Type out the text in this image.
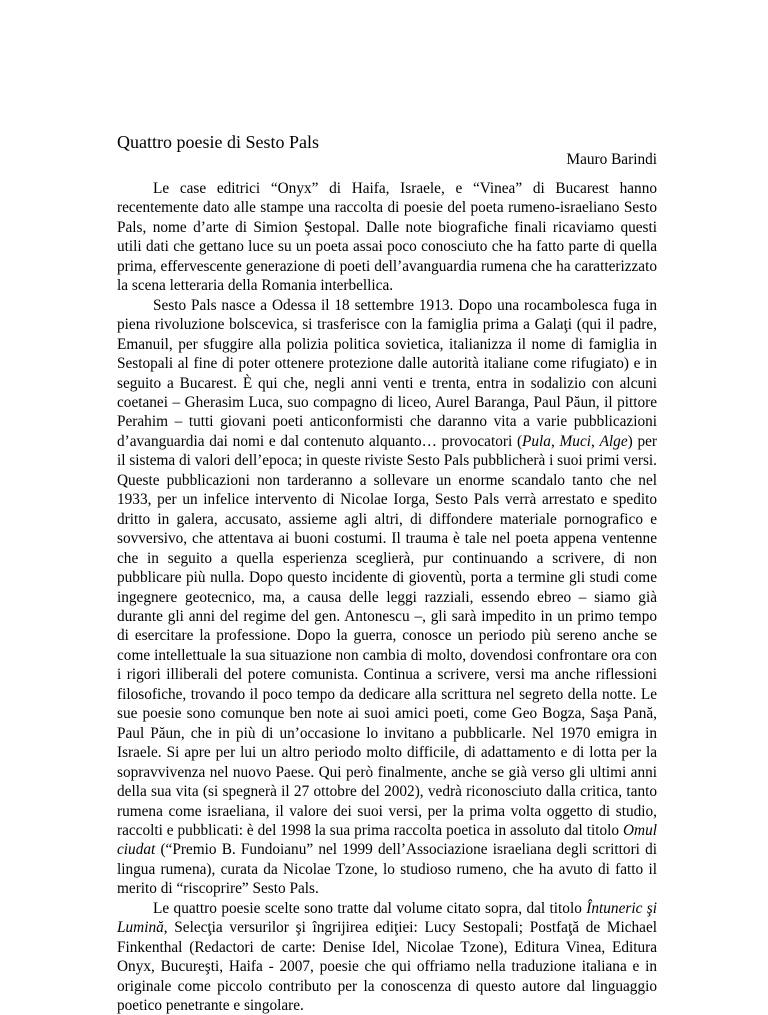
Quattro poesie di Sesto Pals
Mauro Barindi

Le case editrici “Onyx” di Haifa, Israele, e “Vinea” di Bucarest hanno recentemente dato alle stampe una raccolta di poesie del poeta rumeno-israeliano Sesto Pals, nome d’arte di Simion Şestopal. Dalle note biografiche finali ricaviamo questi utili dati che gettano luce su un poeta assai poco conosciuto che ha fatto parte di quella prima, effervescente generazione di poeti dell’avanguardia rumena che ha caratterizzato la scena letteraria della Romania interbellica.

Sesto Pals nasce a Odessa il 18 settembre 1913. Dopo una rocambolesca fuga in piena rivoluzione bolscevica, si trasferisce con la famiglia prima a Galaţi (qui il padre, Emanuil, per sfuggire alla polizia politica sovietica, italianizza il nome di famiglia in Sestopali al fine di poter ottenere protezione dalle autorità italiane come rifugiato) e in seguito a Bucarest. È qui che, negli anni venti e trenta, entra in sodalizio con alcuni coetanei – Gherasim Luca, suo compagno di liceo, Aurel Baranga, Paul Păun, il pittore Perahim – tutti giovani poeti anticonformisti che daranno vita a varie pubblicazioni d’avanguardia dai nomi e dal contenuto alquanto… provocatori (Pula, Muci, Alge) per il sistema di valori dell’epoca; in queste riviste Sesto Pals pubblicherà i suoi primi versi. Queste pubblicazioni non tarderanno a sollevare un enorme scandalo tanto che nel 1933, per un infelice intervento di Nicolae Iorga, Sesto Pals verrà arrestato e spedito dritto in galera, accusato, assieme agli altri, di diffondere materiale pornografico e sovversivo, che attentava ai buoni costumi. Il trauma è tale nel poeta appena ventenne che in seguito a quella esperienza sceglierà, pur continuando a scrivere, di non pubblicare più nulla. Dopo questo incidente di gioventù, porta a termine gli studi come ingegnere geotecnico, ma, a causa delle leggi razziali, essendo ebreo – siamo già durante gli anni del regime del gen. Antonescu –, gli sarà impedito in un primo tempo di esercitare la professione. Dopo la guerra, conosce un periodo più sereno anche se come intellettuale la sua situazione non cambia di molto, dovendosi confrontare ora con i rigori illiberali del potere comunista. Continua a scrivere, versi ma anche riflessioni filosofiche, trovando il poco tempo da dedicare alla scrittura nel segreto della notte. Le sue poesie sono comunque ben note ai suoi amici poeti, come Geo Bogza, Saşa Pană, Paul Păun, che in più di un’occasione lo invitano a pubblicarle. Nel 1970 emigra in Israele. Si apre per lui un altro periodo molto difficile, di adattamento e di lotta per la sopravvivenza nel nuovo Paese. Qui però finalmente, anche se già verso gli ultimi anni della sua vita (si spegnerà il 27 ottobre del 2002), vedrà riconosciuto dalla critica, tanto rumena come israeliana, il valore dei suoi versi, per la prima volta oggetto di studio, raccolti e pubblicati: è del 1998 la sua prima raccolta poetica in assoluto dal titolo Omul ciudat (“Premio B. Fundoianu” nel 1999 dell’Associazione israeliana degli scrittori di lingua rumena), curata da Nicolae Tzone, lo studioso rumeno, che ha avuto di fatto il merito di “riscoprire” Sesto Pals.

Le quattro poesie scelte sono tratte dal volume citato sopra, dal titolo Întuneric şi Lumină, Selecţia versurilor şi îngrijirea ediţiei: Lucy Sestopali; Postfaţă de Michael Finkenthal (Redactori de carte: Denise Idel, Nicolae Tzone), Editura Vinea, Editura Onyx, Bucureşti, Haifa - 2007, poesie che qui offriamo nella traduzione italiana e in originale come piccolo contributo per la conoscenza di questo autore dal linguaggio poetico penetrante e singolare.
